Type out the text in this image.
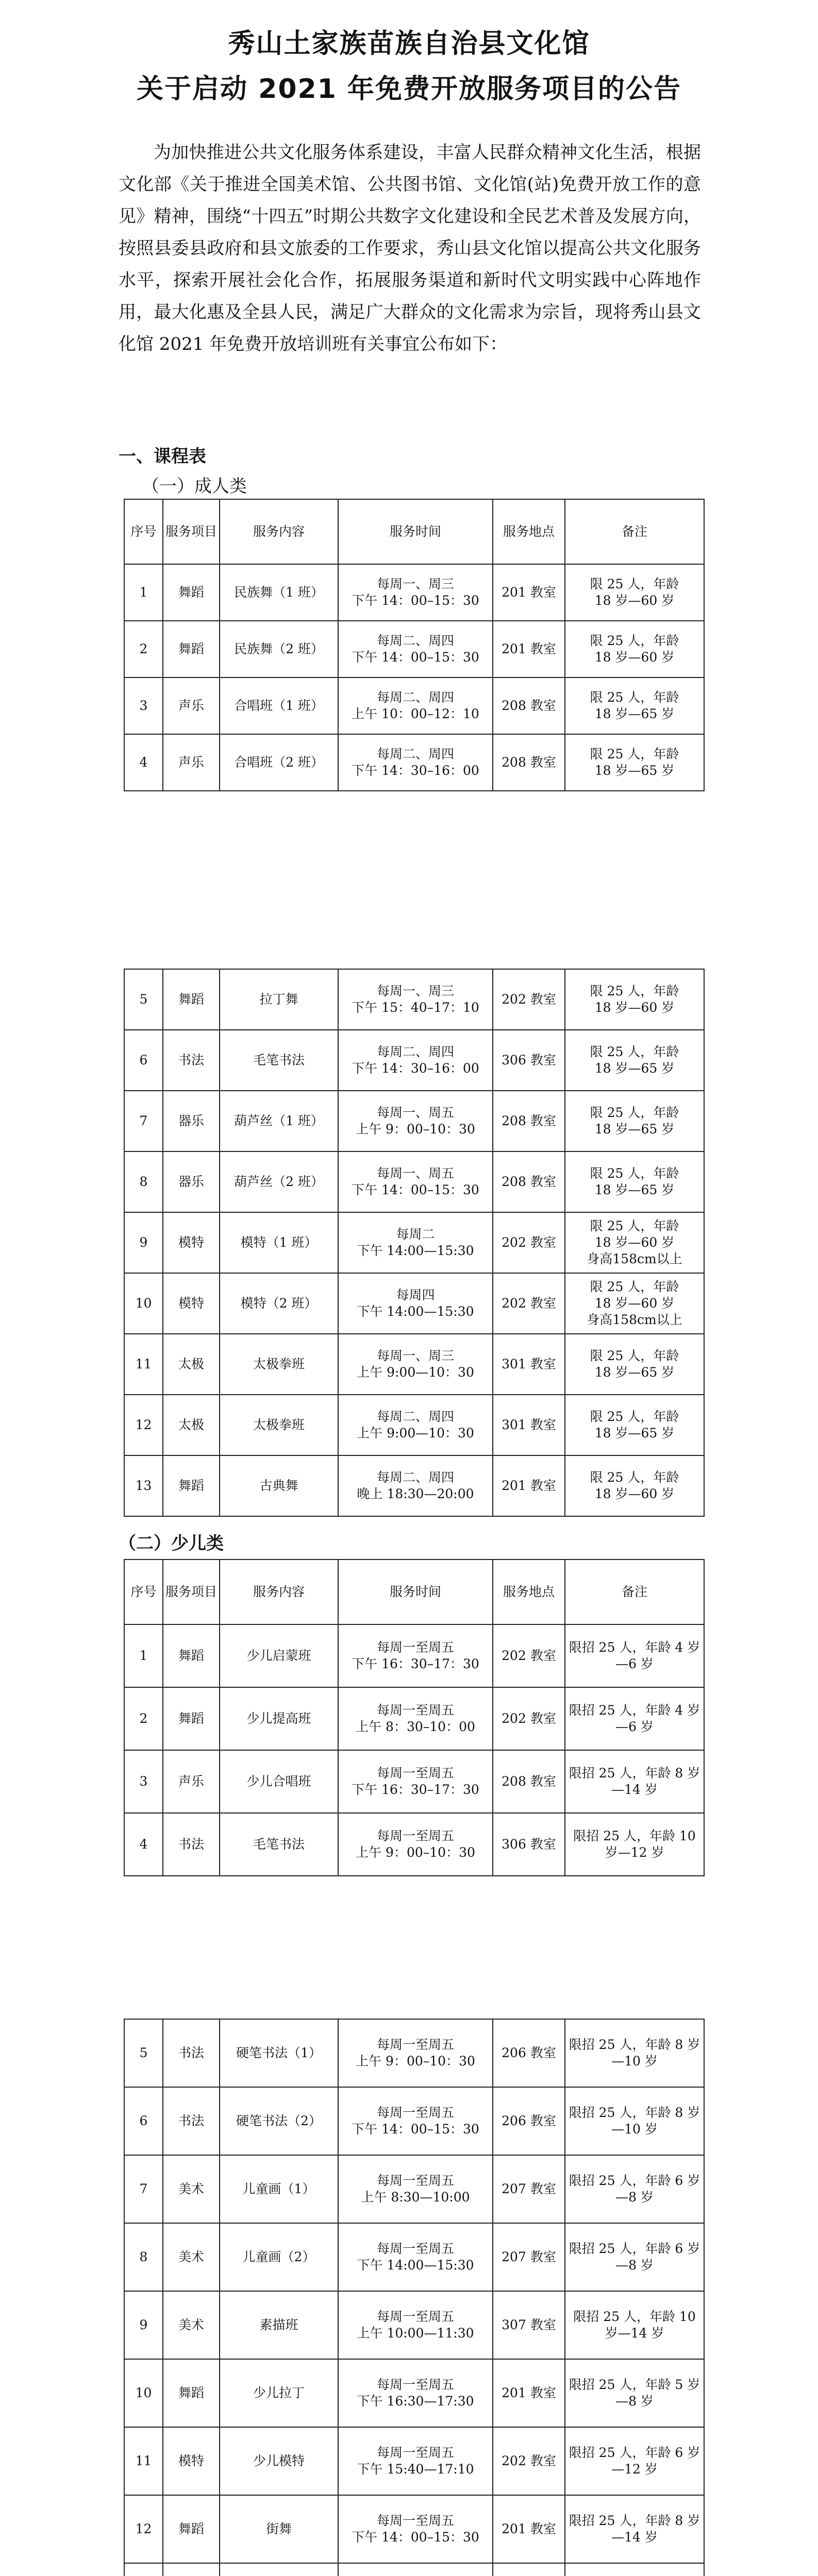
秀山土家族苗族自治县文化馆
关于启动 2021 年免费开放服务项目的公告

为加快推进公共文化服务体系建设，丰富人民群众精神文化生活，根据文化部《关于推进全国美术馆、公共图书馆、文化馆(站)免费开放工作的意见》精神，围绕“十四五”时期公共数字文化建设和全民艺术普及发展方向，按照县委县政府和县文旅委的工作要求，秀山县文化馆以提高公共文化服务水平，探索开展社会化合作，拓展服务渠道和新时代文明实践中心阵地作用，最大化惠及全县人民，满足广大群众的文化需求为宗旨，现将秀山县文化馆 2021 年免费开放培训班有关事宜公布如下：

一、课程表
（一）成人类
序号	服务项目	服务内容	服务时间	服务地点	备注
1	舞蹈	民族舞（1 班）	每周一、周三
下午 14：00–15：30	201 教室	限 25 人，年龄
18 岁—60 岁
2	舞蹈	民族舞（2 班）	每周二、周四
下午 14：00–15：30	201 教室	限 25 人，年龄
18 岁—60 岁
3	声乐	合唱班（1 班）	每周二、周四
上午 10：00–12：10	208 教室	限 25 人，年龄
18 岁—65 岁
4	声乐	合唱班（2 班）	每周二、周四
下午 14：30–16：00	208 教室	限 25 人，年龄
18 岁—65 岁
5	舞蹈	拉丁舞	每周一、周三
下午 15：40–17：10	202 教室	限 25 人，年龄
18 岁—60 岁
6	书法	毛笔书法	每周二、周四
下午 14：30–16：00	306 教室	限 25 人，年龄
18 岁—65 岁
7	器乐	葫芦丝（1 班）	每周一、周五
上午 9：00–10：30	208 教室	限 25 人，年龄
18 岁—65 岁
8	器乐	葫芦丝（2 班）	每周一、周五
下午 14：00–15：30	208 教室	限 25 人，年龄
18 岁—65 岁
9	模特	模特（1 班）	每周二
下午 14:00—15:30	202 教室	限 25 人，年龄
18 岁—60 岁
身高158cm以上
10	模特	模特（2 班）	每周四
下午 14:00—15:30	202 教室	限 25 人，年龄
18 岁—60 岁
身高158cm以上
11	太极	太极拳班	每周一、周三
上午 9:00—10：30	301 教室	限 25 人，年龄
18 岁—65 岁
12	太极	太极拳班	每周二、周四
上午 9:00—10：30	301 教室	限 25 人，年龄
18 岁—65 岁
13	舞蹈	古典舞	每周二、周四
晚上 18:30—20:00	201 教室	限 25 人，年龄
18 岁—60 岁
（二）少儿类
序号	服务项目	服务内容	服务时间	服务地点	备注
1	舞蹈	少儿启蒙班	每周一至周五
下午 16：30–17：30	202 教室	限招 25 人，年龄 4 岁—6 岁
2	舞蹈	少儿提高班	每周一至周五
上午 8：30–10：00	202 教室	限招 25 人，年龄 4 岁—6 岁
3	声乐	少儿合唱班	每周一至周五
下午 16：30–17：30	208 教室	限招 25 人，年龄 8 岁—14 岁
4	书法	毛笔书法	每周一至周五
上午 9：00–10：30	306 教室	限招 25 人，年龄 10 岁—12 岁
5	书法	硬笔书法（1）	每周一至周五
上午 9：00–10：30	206 教室	限招 25 人，年龄 8 岁—10 岁
6	书法	硬笔书法（2）	每周一至周五
下午 14：00–15：30	206 教室	限招 25 人，年龄 8 岁—10 岁
7	美术	儿童画（1）	每周一至周五
上午 8:30—10:00	207 教室	限招 25 人，年龄 6 岁—8 岁
8	美术	儿童画（2）	每周一至周五
下午 14:00—15:30	207 教室	限招 25 人，年龄 6 岁—8 岁
9	美术	素描班	每周一至周五
上午 10:00—11:30	307 教室	限招 25 人，年龄 10 岁—14 岁
10	舞蹈	少儿拉丁	每周一至周五
下午 16:30—17:30	201 教室	限招 25 人，年龄 5 岁—8 岁
11	模特	少儿模特	每周一至周五
下午 15:40—17:10	202 教室	限招 25 人，年龄 6 岁—12 岁
12	舞蹈	街舞	每周一至周五
下午 14：00–15：30	201 教室	限招 25 人，年龄 8 岁—14 岁
